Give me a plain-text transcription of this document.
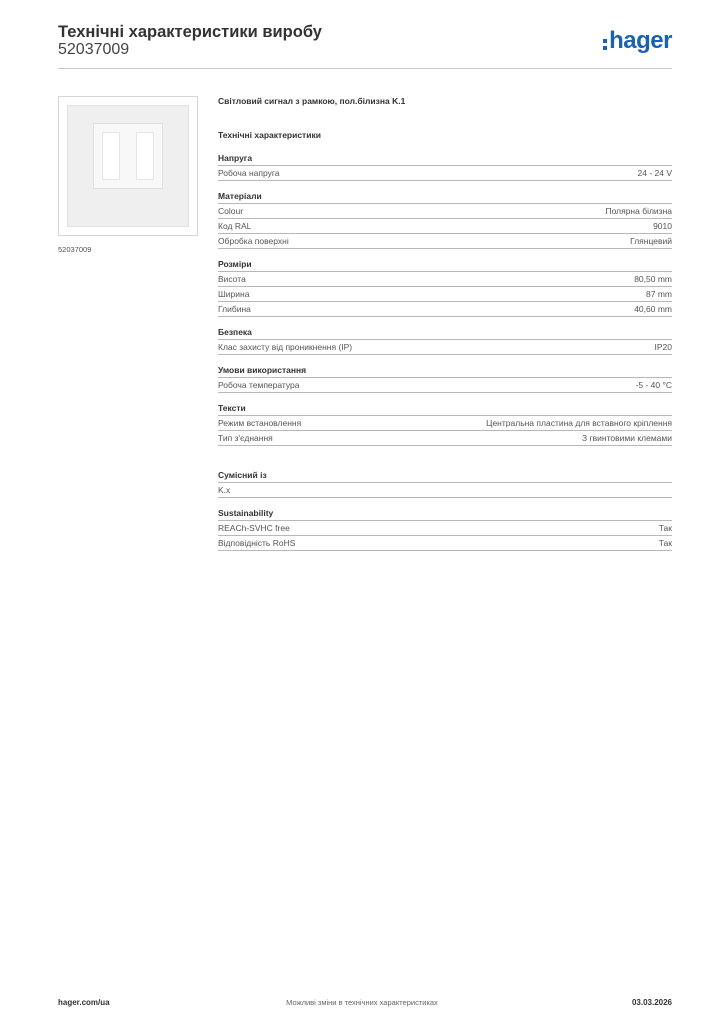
Технічні характеристики виробу
52037009	hager
52037009
Світловий сигнал з рамкою, пол.білизна K.1
Технічні характеристики
Напруга
Робоча напруга	24 - 24 V
Матеріали
Colour	Полярна білизна
Код RAL	9010
Обробка поверхні	Глянцевий
Розміри
Висота	80,50 mm
Ширина	87 mm
Глибина	40,60 mm
Безпека
Клас захисту від проникнення (IP)	IP20
Умови використання
Робоча температура	-5 - 40 °C
Тексти
Режим встановлення	Центральна пластина для вставного кріплення
Тип з'єднання	З гвинтовими клемами
Сумісний із
K.x
Sustainability
REACh-SVHC free	Так
Відповідність RoHS	Так
hager.com/ua	Можливі зміни в технічних характеристиках	03.03.2026
